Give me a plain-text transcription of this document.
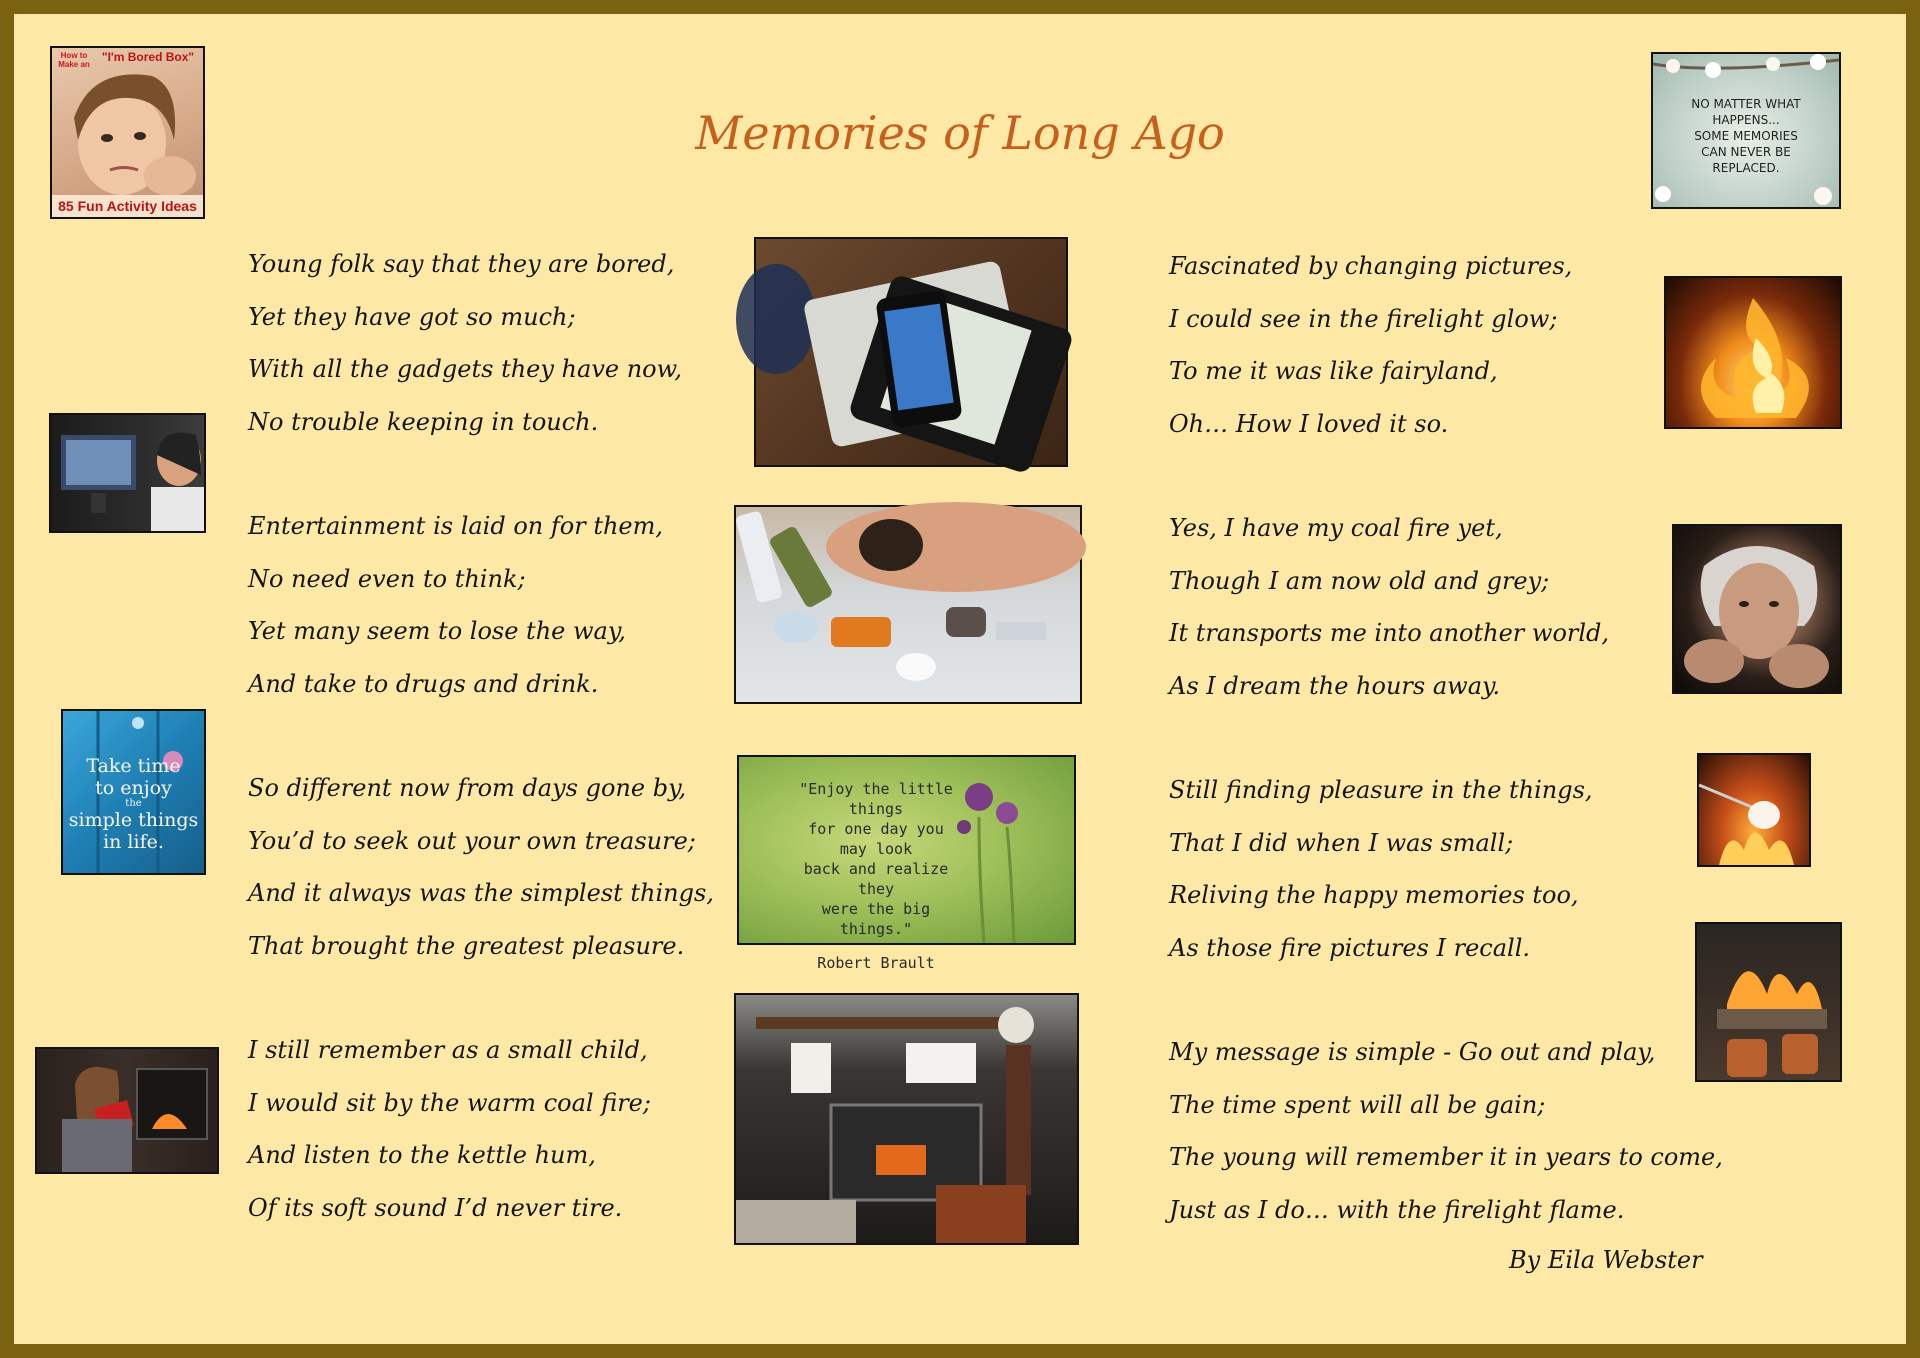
Memories of Long Ago
Young folk say that they are bored,
Yet they have got so much;
With all the gadgets they have now,
No trouble keeping in touch.
Entertainment is laid on for them,
No need even to think;
Yet many seem to lose the way,
And take to drugs and drink.
So different now from days gone by,
You’d to seek out your own treasure;
And it always was the simplest things,
That brought the greatest pleasure.
I still remember as a small child,
I would sit by the warm coal fire;
And listen to the kettle hum,
Of its soft sound I’d never tire.
Fascinated by changing pictures,
I could see in the firelight glow;
To me it was like fairyland,
Oh… How I loved it so.
Yes, I have my coal fire yet,
Though I am now old and grey;
It transports me into another world,
As I dream the hours away.
Still finding pleasure in the things,
That I did when I was small;
Reliving the happy memories too,
As those fire pictures I recall.
My message is simple - Go out and play,
The time spent will all be gain;
The young will remember it in years to come,
Just as I do… with the firelight flame.
By Eila Webster
How to Make an
"I'm Bored Box"
85 Fun Activity Ideas
NO MATTER WHAT
HAPPENS...
SOME MEMORIES
CAN NEVER BE
REPLACED.
"Enjoy the little things
for one day you may look
back and realize they
were the big things."
Robert Brault
Take time
to enjoy
the
simple things
in life.
